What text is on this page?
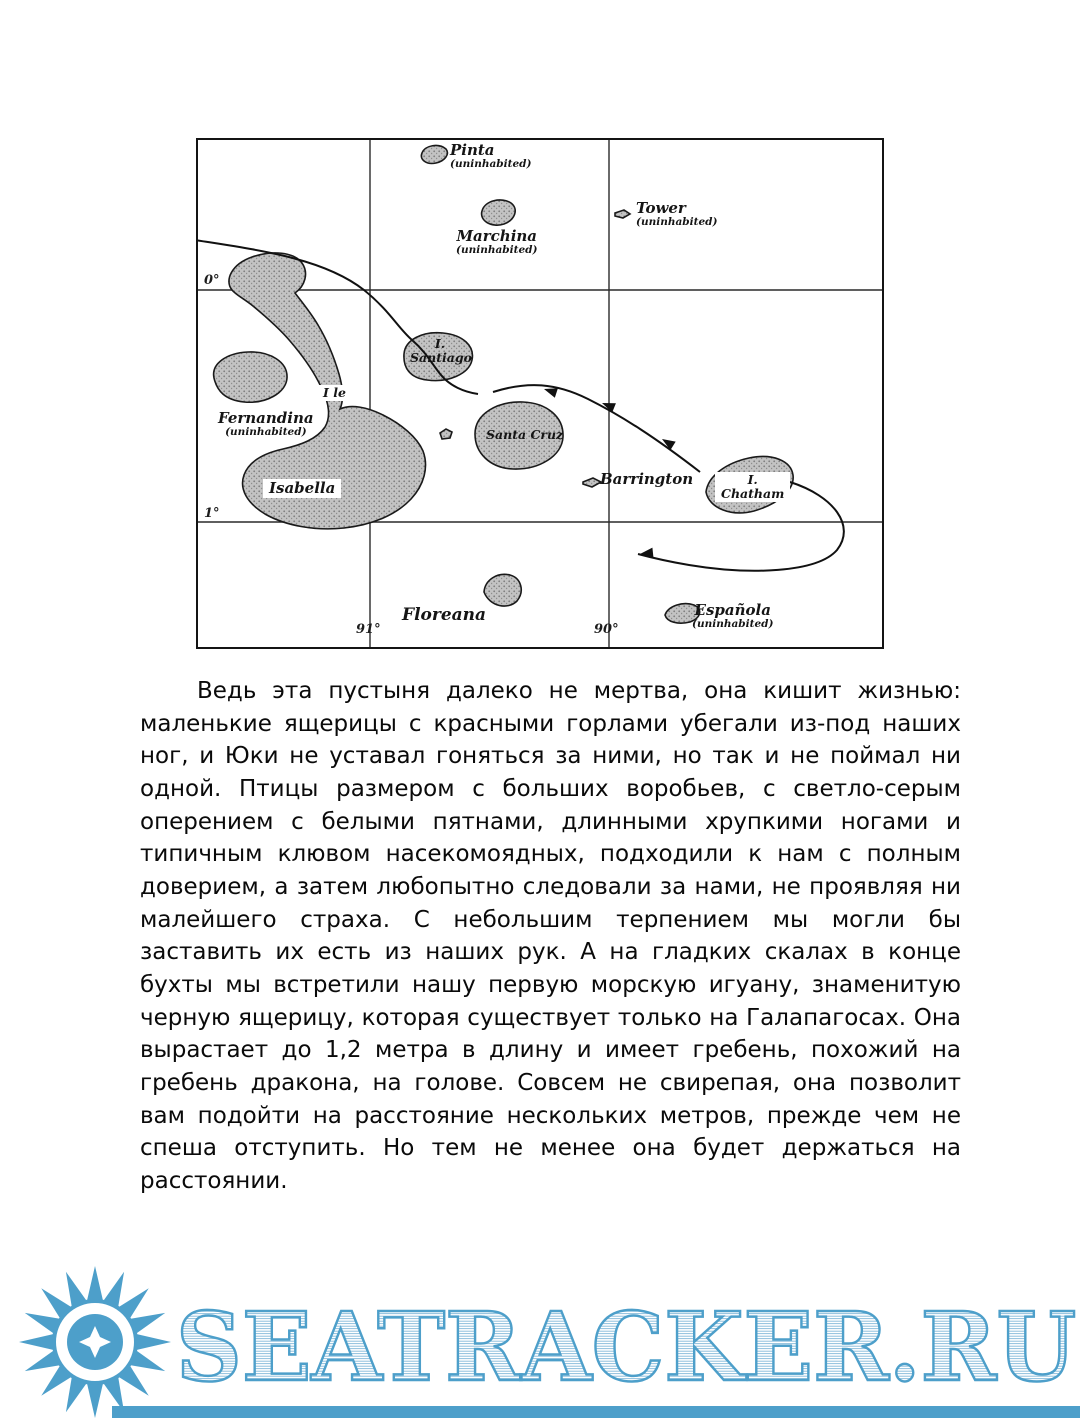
Pinta
(uninhabited)
Marchina
(uninhabited)
Tower
(uninhabited)
I.
Santiago
Fernandina
(uninhabited)
I le
Isabella
Santa Cruz
Barrington	I.
Chatham
Floreana	Española
(uninhabited)
0°
1°
91°	90°

Ведь эта пустыня далеко не мертва, она кишит жизнью: маленькие ящерицы с красными горлами убегали из-под наших ног, и Юки не уставал гоняться за ними, но так и не поймал ни одной. Птицы размером с больших воробьев, с светло-серым оперением с белыми пятнами, длинными хрупкими ногами и типичным клювом насекомоядных, подходили к нам с полным доверием, а затем любопытно следовали за нами, не проявляя ни малейшего страха. С небольшим терпением мы могли бы заставить их есть из наших рук. А на гладких скалах в конце бухты мы встретили нашу первую морскую игуану, знаменитую черную ящерицу, которая существует только на Галапагосах. Она вырастает до 1,2 метра в длину и имеет гребень, похожий на гребень дракона, на голове. Совсем не свирепая, она позволит вам подойти на расстояние нескольких метров, прежде чем не спеша отступить. Но тем не менее она будет держаться на расстоянии.

SEATRACKER.RU
